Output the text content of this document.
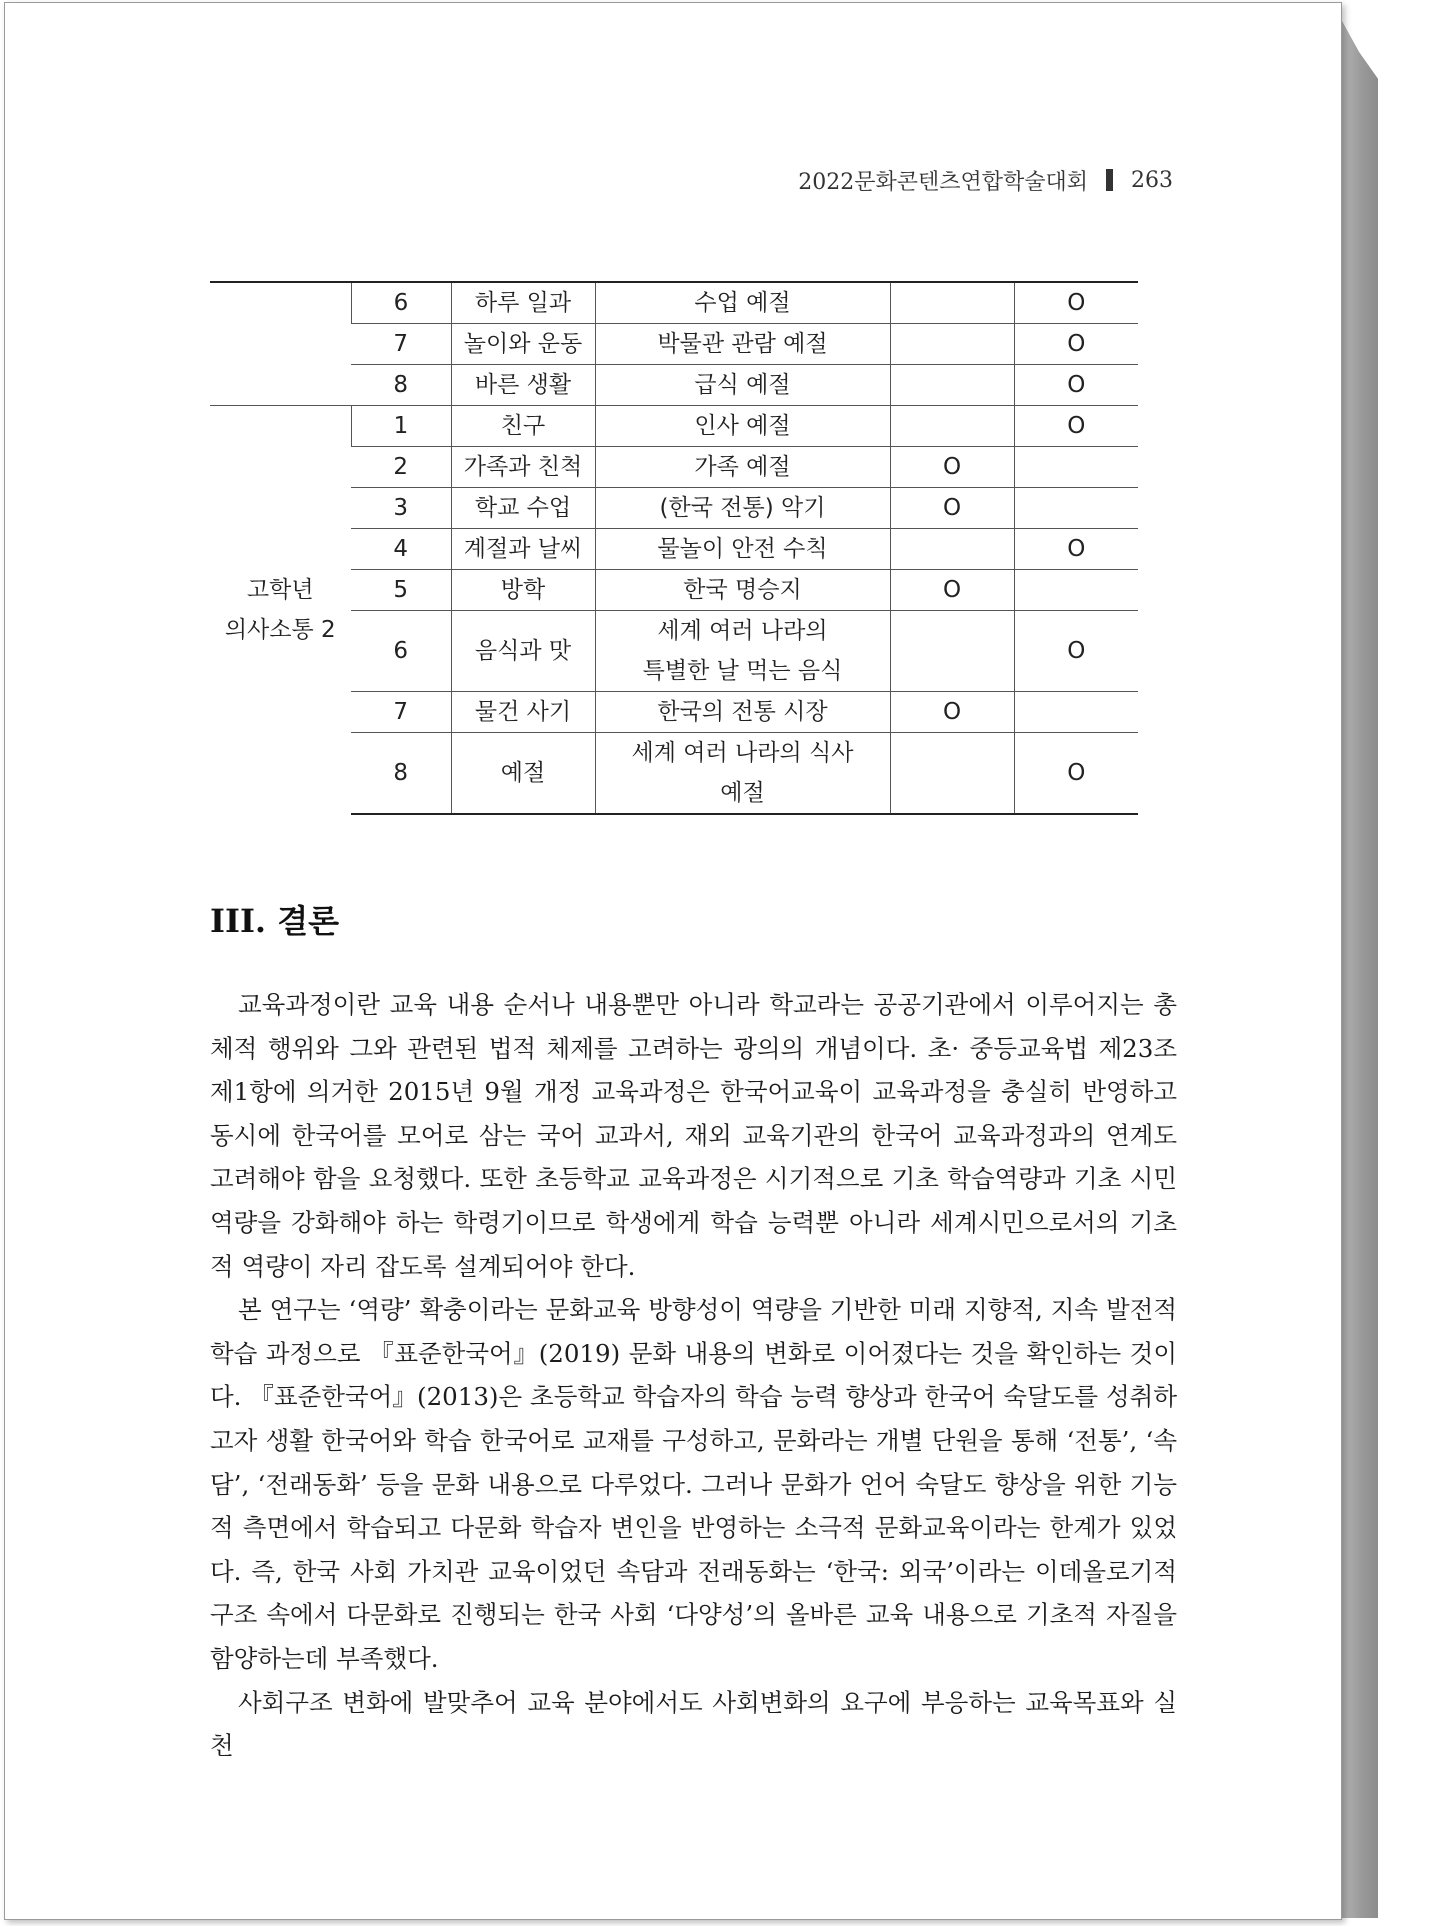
2022문화콘텐츠연합학술대회 263
	6	하루 일과	수업 예절		O
	7	놀이와 운동	박물관 관람 예절		O
	8	바른 생활	급식 예절		O

고학년
의사소통 2	1	친구	인사 예절		O
	2	가족과 친척	가족 예절	O	
	3	학교 수업	(한국 전통) 악기	O	
	4	계절과 날씨	물놀이 안전 수칙		O
	5	방학	한국 명승지	O	
	6	음식과 맛	세계 여러 나라의
특별한 날 먹는 음식		O
	7	물건 사기	한국의 전통 시장	O	
	8	예절	세계 여러 나라의 식사
예절		O
III. 결론

교육과정이란 교육 내용 순서나 내용뿐만 아니라 학교라는 공공기관에서 이루어지는 총체적 행위와 그와 관련된 법적 체제를 고려하는 광의의 개념이다. 초· 중등교육법 제23조 제1항에 의거한 2015년 9월 개정 교육과정은 한국어교육이 교육과정을 충실히 반영하고 동시에 한국어를 모어로 삼는 국어 교과서, 재외 교육기관의 한국어 교육과정과의 연계도 고려해야 함을 요청했다. 또한 초등학교 교육과정은 시기적으로 기초 학습역량과 기초 시민역량을 강화해야 하는 학령기이므로 학생에게 학습 능력뿐 아니라 세계시민으로서의 기초적 역량이 자리 잡도록 설계되어야 한다.

본 연구는 ‘역량’ 확충이라는 문화교육 방향성이 역량을 기반한 미래 지향적, 지속 발전적 학습 과정으로 『표준한국어』(2019) 문화 내용의 변화로 이어졌다는 것을 확인하는 것이다. 『표준한국어』(2013)은 초등학교 학습자의 학습 능력 향상과 한국어 숙달도를 성취하고자 생활 한국어와 학습 한국어로 교재를 구성하고, 문화라는 개별 단원을 통해 ‘전통’, ‘속담’, ‘전래동화’ 등을 문화 내용으로 다루었다. 그러나 문화가 언어 숙달도 향상을 위한 기능적 측면에서 학습되고 다문화 학습자 변인을 반영하는 소극적 문화교육이라는 한계가 있었다. 즉, 한국 사회 가치관 교육이었던 속담과 전래동화는 ‘한국: 외국’이라는 이데올로기적 구조 속에서 다문화로 진행되는 한국 사회 ‘다양성’의 올바른 교육 내용으로 기초적 자질을 함양하는데 부족했다.

사회구조 변화에 발맞추어 교육 분야에서도 사회변화의 요구에 부응하는 교육목표와 실천
